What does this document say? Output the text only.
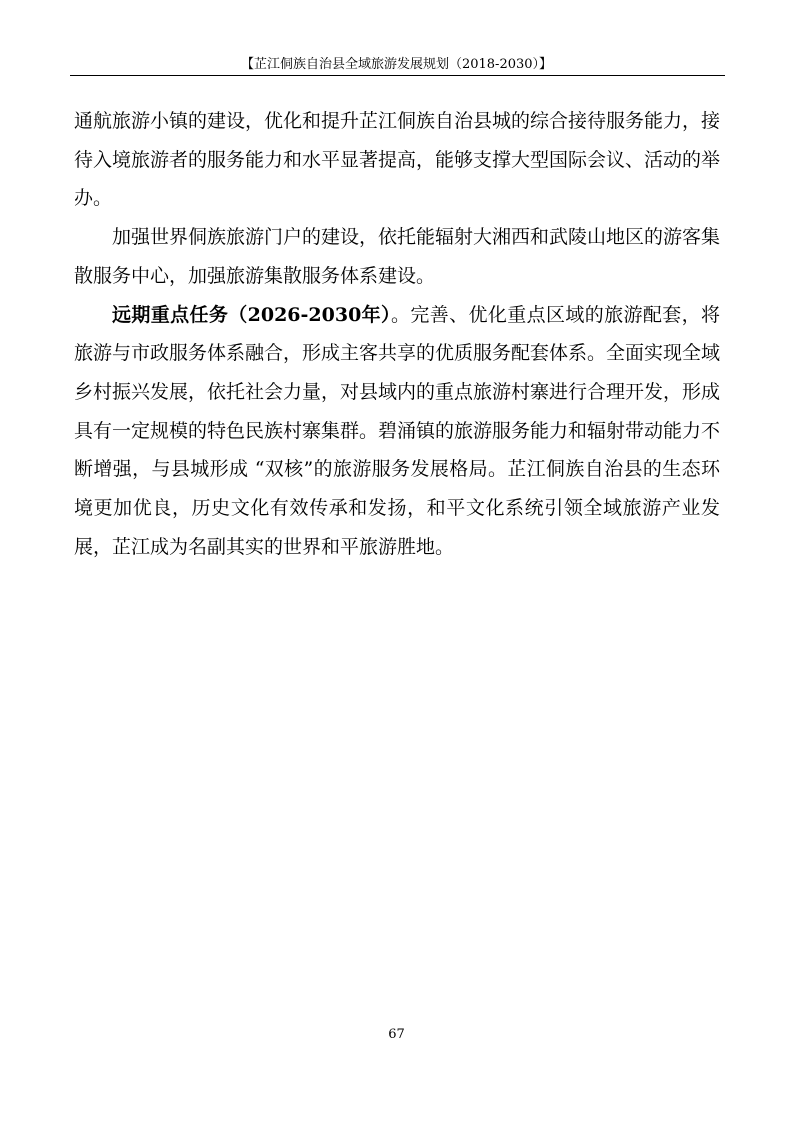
【芷江侗族自治县全域旅游发展规划（2018-2030）】

通航旅游小镇的建设，优化和提升芷江侗族自治县城的综合接待服务能力，接待入境旅游者的服务能力和水平显著提高，能够支撑大型国际会议、活动的举办。

加强世界侗族旅游门户的建设，依托能辐射大湘西和武陵山地区的游客集散服务中心，加强旅游集散服务体系建设。

远期重点任务（2026-2030年）。完善、优化重点区域的旅游配套，将旅游与市政服务体系融合，形成主客共享的优质服务配套体系。全面实现全域乡村振兴发展，依托社会力量，对县域内的重点旅游村寨进行合理开发，形成具有一定规模的特色民族村寨集群。碧涌镇的旅游服务能力和辐射带动能力不断增强，与县城形成 “双核”的旅游服务发展格局。芷江侗族自治县的生态环境更加优良，历史文化有效传承和发扬，和平文化系统引领全域旅游产业发展，芷江成为名副其实的世界和平旅游胜地。

67
